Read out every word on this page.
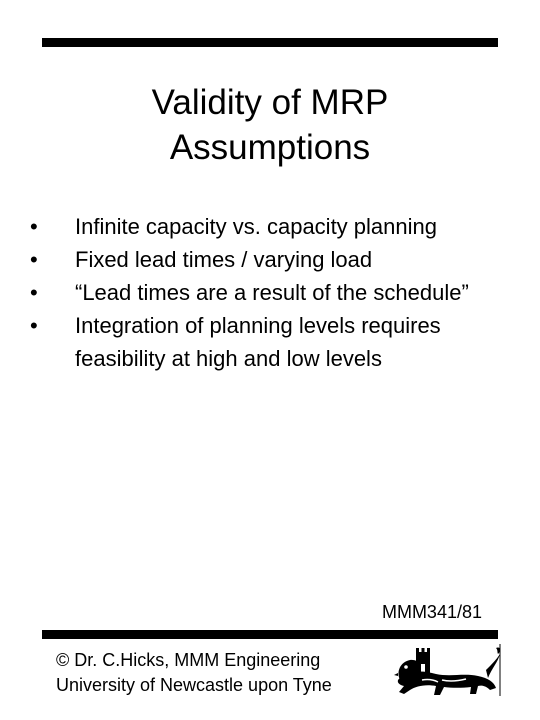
Validity of MRP
Assumptions
• Infinite capacity vs. capacity planning
• Fixed lead times / varying load
• “Lead times are a result of the schedule”
• Integration of planning levels requires feasibility at high and low levels
MMM341/81
© Dr. C.Hicks, MMM Engineering
University of Newcastle upon Tyne
